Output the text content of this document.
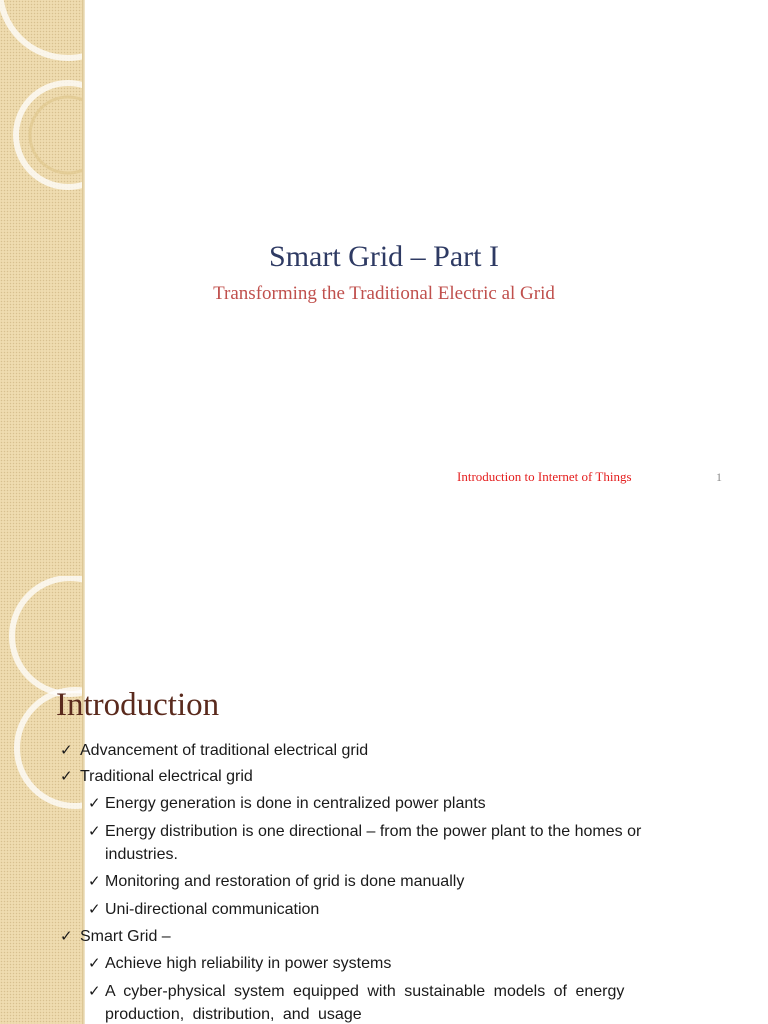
Smart Grid – Part I
Transforming the Traditional Electric al Grid
Introduction to Internet of Things	1
Introduction
✓ Advancement of traditional electrical grid
✓ Traditional electrical grid
✓ Energy generation is done in centralized power plants
✓ Energy distribution is one directional – from the power plant to the homes or industries.
✓ Monitoring and restoration of grid is done manually
✓ Uni-directional communication
✓ Smart Grid –
✓ Achieve high reliability in power systems
✓ A cyber-physical system equipped with sustainable models of energy production, distribution, and usage
